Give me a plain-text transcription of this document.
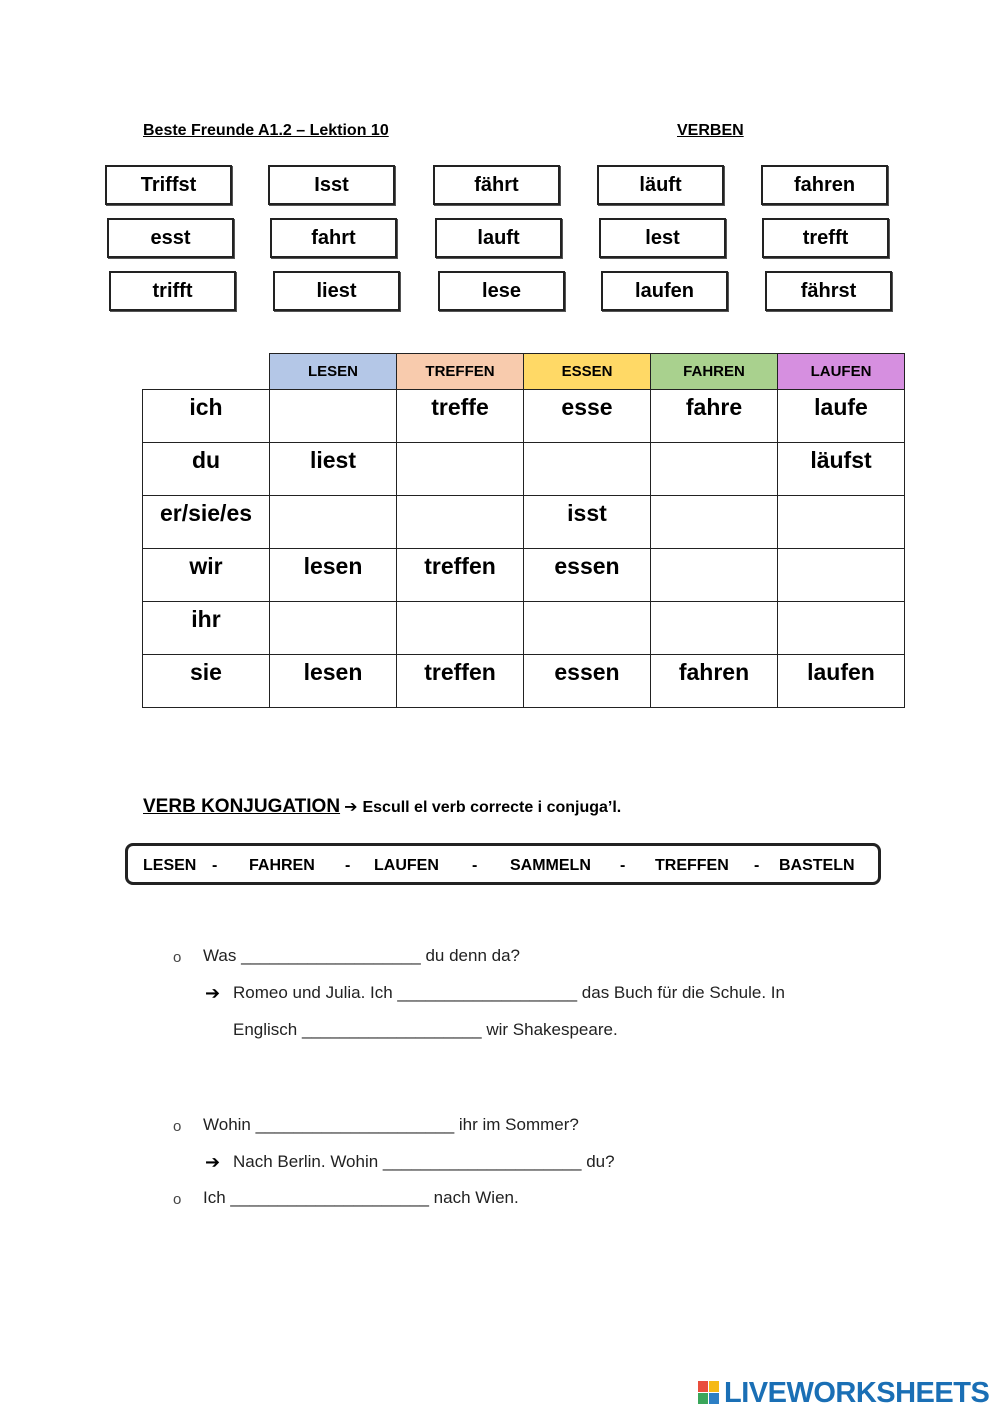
Beste Freunde A1.2 – Lektion 10	VERBEN
Triffst	Isst	fährt	läuft	fahren
esst	fahrt	lauft	lest	trefft
trifft	liest	lese	laufen	fährst
	LESEN	TREFFEN	ESSEN	FAHREN	LAUFEN
ich		treffe	esse	fahre	laufe
du	liest				läufst
er/sie/es			isst		
wir	lesen	treffen	essen		
ihr					
sie	lesen	treffen	essen	fahren	laufen
VERB KONJUGATION ➔ Escull el verb correcte i conjuga’l.
LESEN - FAHREN - LAUFEN - SAMMELN - TREFFEN - BASTELN
o Was ___________________ du denn da?
➔ Romeo und Julia. Ich ___________________ das Buch für die Schule. In
Englisch ___________________ wir Shakespeare.
o Wohin _____________________ ihr im Sommer?
➔ Nach Berlin. Wohin _____________________ du?
o Ich _____________________ nach Wien.
LIVEWORKSHEETS
